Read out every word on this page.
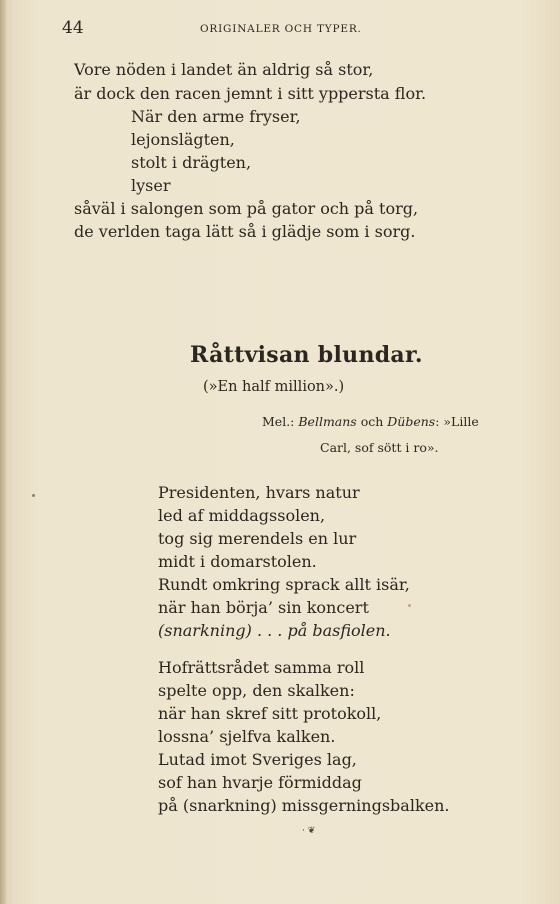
44	ORIGINALER OCH TYPER.
Vore nöden i landet än aldrig så stor,
är dock den racen jemnt i sitt yppersta flor.
När den arme fryser,
lejonslägten,
stolt i drägten,
lyser
såväl i salongen som på gator och på torg,
de verlden taga lätt så i glädje som i sorg.
Råttvisan blundar.
(»En half million».)
Mel.: Bellmans och Dübens: »Lille
Carl, sof sött i ro».
Presidenten, hvars natur
led af middagssolen,
tog sig merendels en lur
midt i domarstolen.
Rundt omkring sprack allt isär,
när han börja’ sin koncert
(snarkning) . . . på basfiolen.
Hofrättsrådet samma roll
spelte opp, den skalken:
när han skref sitt protokoll,
lossna’ sjelfva kalken.
Lutad imot Sveriges lag,
sof han hvarje förmiddag
på (snarkning) missgerningsbalken.
· ❦
